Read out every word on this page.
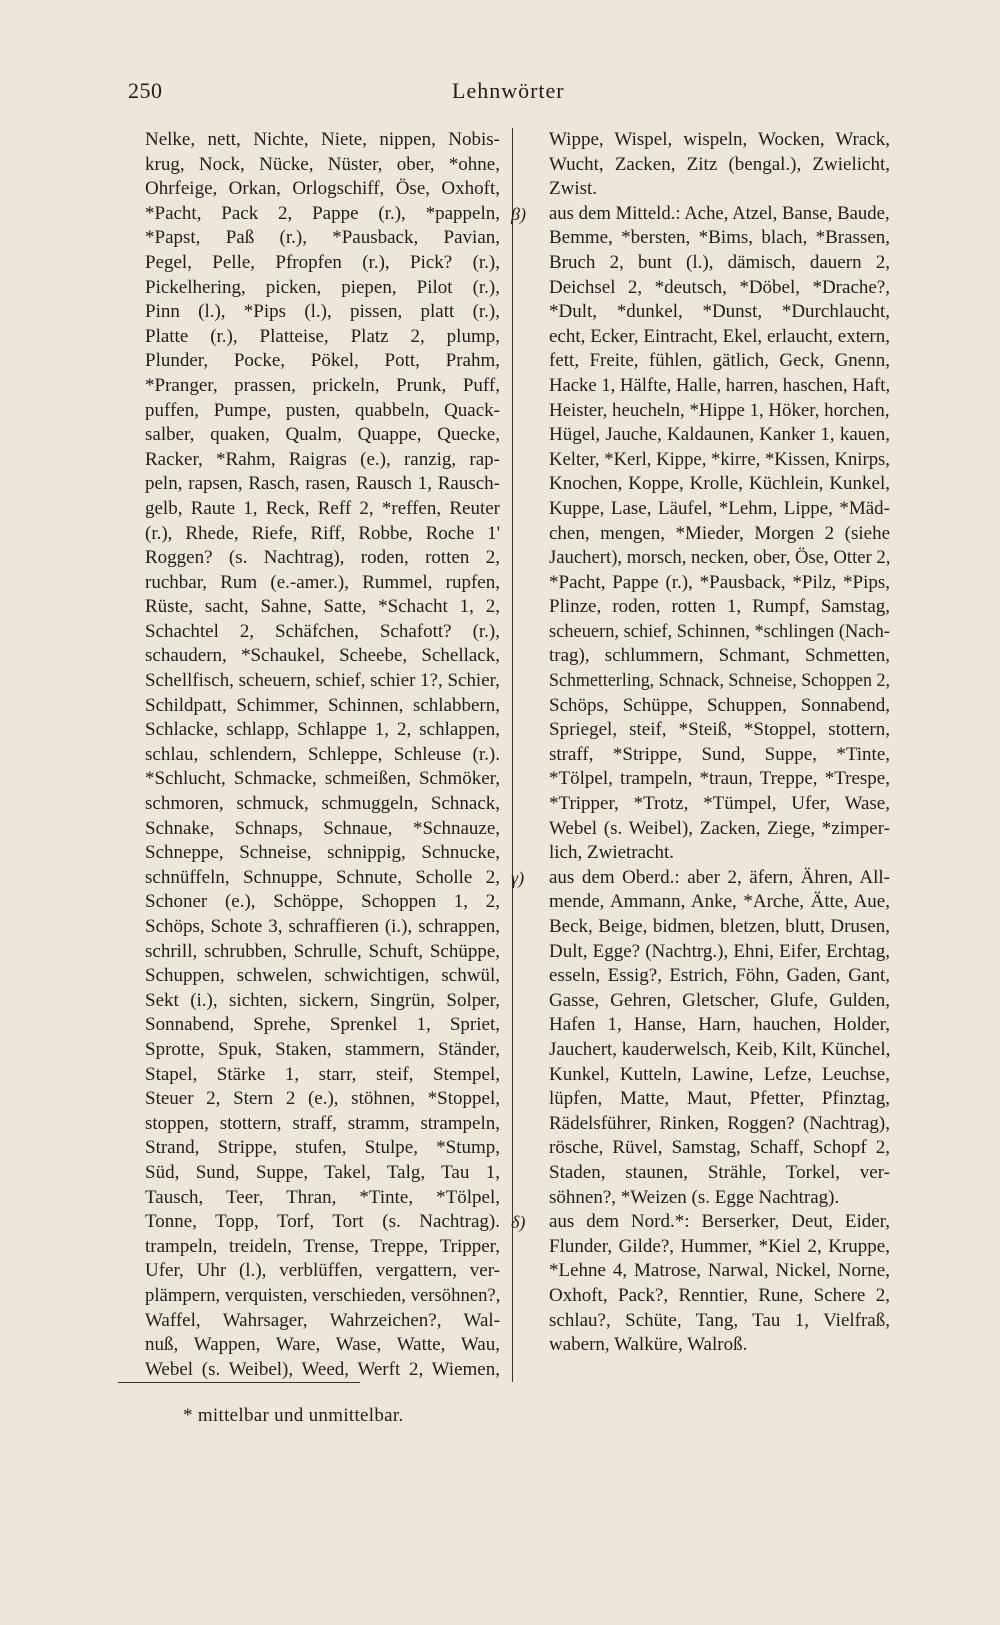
250	Lehnwörter
Nelke, nett, Nichte, Niete, nippen, Nobis-
krug, Nock, Nücke, Nüster, ober, *ohne,
Ohrfeige, Orkan, Orlogschiff, Öse, Oxhoft,
*Pacht, Pack 2, Pappe (r.), *pappeln,
*Papst, Paß (r.), *Pausback, Pavian,
Pegel, Pelle, Pfropfen (r.), Pick? (r.),
Pickelhering, picken, piepen, Pilot (r.),
Pinn (l.), *Pips (l.), pissen, platt (r.),
Platte (r.), Platteise, Platz 2, plump,
Plunder, Pocke, Pökel, Pott, Prahm,
*Pranger, prassen, prickeln, Prunk, Puff,
puffen, Pumpe, pusten, quabbeln, Quack-
salber, quaken, Qualm, Quappe, Quecke,
Racker, *Rahm, Raigras (e.), ranzig, rap-
peln, rapsen, Rasch, rasen, Rausch 1, Rausch-
gelb, Raute 1, Reck, Reff 2, *reffen, Reuter
(r.), Rhede, Riefe, Riff, Robbe, Roche 1'
Roggen? (s. Nachtrag), roden, rotten 2,
ruchbar, Rum (e.-amer.), Rummel, rupfen,
Rüste, sacht, Sahne, Satte, *Schacht 1, 2,
Schachtel 2, Schäfchen, Schafott? (r.),
schaudern, *Schaukel, Scheebe, Schellack,
Schellfisch, scheuern, schief, schier 1?, Schier,
Schildpatt, Schimmer, Schinnen, schlabbern,
Schlacke, schlapp, Schlappe 1, 2, schlappen,
schlau, schlendern, Schleppe, Schleuse (r.).
*Schlucht, Schmacke, schmeißen, Schmöker,
schmoren, schmuck, schmuggeln, Schnack,
Schnake, Schnaps, Schnaue, *Schnauze,
Schneppe, Schneise, schnippig, Schnucke,
schnüffeln, Schnuppe, Schnute, Scholle 2,
Schoner (e.), Schöppe, Schoppen 1, 2,
Schöps, Schote 3, schraffieren (i.), schrappen,
schrill, schrubben, Schrulle, Schuft, Schüppe,
Schuppen, schwelen, schwichtigen, schwül,
Sekt (i.), sichten, sickern, Singrün, Solper,
Sonnabend, Sprehe, Sprenkel 1, Spriet,
Sprotte, Spuk, Staken, stammern, Ständer,
Stapel, Stärke 1, starr, steif, Stempel,
Steuer 2, Stern 2 (e.), stöhnen, *Stoppel,
stoppen, stottern, straff, stramm, strampeln,
Strand, Strippe, stufen, Stulpe, *Stump,
Süd, Sund, Suppe, Takel, Talg, Tau 1,
Tausch, Teer, Thran, *Tinte, *Tölpel,
Tonne, Topp, Torf, Tort (s. Nachtrag).
trampeln, treideln, Trense, Treppe, Tripper,
Ufer, Uhr (l.), verblüffen, vergattern, ver-
plämpern, verquisten, verschieden, versöhnen?,
Waffel, Wahrsager, Wahrzeichen?, Wal-
nuß, Wappen, Ware, Wase, Watte, Wau,
Webel (s. Weibel), Weed, Werft 2, Wiemen,
Wippe, Wispel, wispeln, Wocken, Wrack,
Wucht, Zacken, Zitz (bengal.), Zwielicht,
Zwist.
β) aus dem Mitteld.: Ache, Atzel, Banse, Baude,
Bemme, *bersten, *Bims, blach, *Brassen,
Bruch 2, bunt (l.), dämisch, dauern 2,
Deichsel 2, *deutsch, *Döbel, *Drache?,
*Dult, *dunkel, *Dunst, *Durchlaucht,
echt, Ecker, Eintracht, Ekel, erlaucht, extern,
fett, Freite, fühlen, gätlich, Geck, Gnenn,
Hacke 1, Hälfte, Halle, harren, haschen, Haft,
Heister, heucheln, *Hippe 1, Höker, horchen,
Hügel, Jauche, Kaldaunen, Kanker 1, kauen,
Kelter, *Kerl, Kippe, *kirre, *Kissen, Knirps,
Knochen, Koppe, Krolle, Küchlein, Kunkel,
Kuppe, Lase, Läufel, *Lehm, Lippe, *Mäd-
chen, mengen, *Mieder, Morgen 2 (siehe
Jauchert), morsch, necken, ober, Öse, Otter 2,
*Pacht, Pappe (r.), *Pausback, *Pilz, *Pips,
Plinze, roden, rotten 1, Rumpf, Samstag,
scheuern, schief, Schinnen, *schlingen (Nach-
trag), schlummern, Schmant, Schmetten,
Schmetterling, Schnack, Schneise, Schoppen 2,
Schöps, Schüppe, Schuppen, Sonnabend,
Spriegel, steif, *Steiß, *Stoppel, stottern,
straff, *Strippe, Sund, Suppe, *Tinte,
*Tölpel, trampeln, *traun, Treppe, *Trespe,
*Tripper, *Trotz, *Tümpel, Ufer, Wase,
Webel (s. Weibel), Zacken, Ziege, *zimper-
lich, Zwietracht.
γ) aus dem Oberd.: aber 2, äfern, Ähren, All-
mende, Ammann, Anke, *Arche, Ätte, Aue,
Beck, Beige, bidmen, bletzen, blutt, Drusen,
Dult, Egge? (Nachtrg.), Ehni, Eifer, Erchtag,
esseln, Essig?, Estrich, Föhn, Gaden, Gant,
Gasse, Gehren, Gletscher, Glufe, Gulden,
Hafen 1, Hanse, Harn, hauchen, Holder,
Jauchert, kauderwelsch, Keib, Kilt, Künchel,
Kunkel, Kutteln, Lawine, Lefze, Leuchse,
lüpfen, Matte, Maut, Pfetter, Pfinztag,
Rädelsführer, Rinken, Roggen? (Nachtrag),
rösche, Rüvel, Samstag, Schaff, Schopf 2,
Staden, staunen, Strähle, Torkel, ver-
söhnen?, *Weizen (s. Egge Nachtrag).
δ) aus dem Nord.*: Berserker, Deut, Eider,
Flunder, Gilde?, Hummer, *Kiel 2, Kruppe,
*Lehne 4, Matrose, Narwal, Nickel, Norne,
Oxhoft, Pack?, Renntier, Rune, Schere 2,
schlau?, Schüte, Tang, Tau 1, Vielfraß,
wabern, Walküre, Walroß.
* mittelbar und unmittelbar.
